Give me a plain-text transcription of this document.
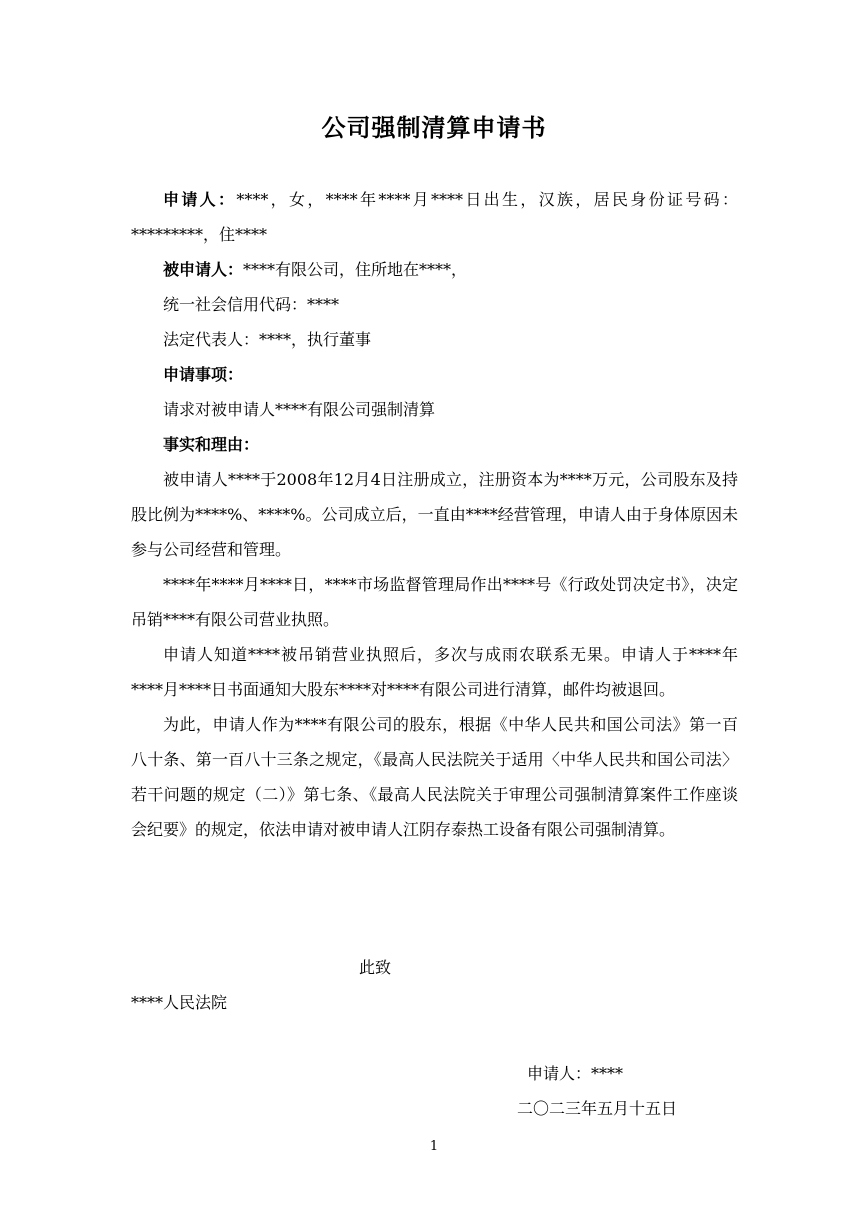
公司强制清算申请书

申请人：****，女，****年****月****日出生，汉族，居民身份证号码：*********，住****

被申请人：****有限公司，住所地在****，

统一社会信用代码：****

法定代表人：****，执行董事

申请事项：

请求对被申请人****有限公司强制清算

事实和理由：

被申请人****于2008年12月4日注册成立，注册资本为****万元，公司股东及持股比例为****%、****%。公司成立后，一直由****经营管理，申请人由于身体原因未参与公司经营和管理。

****年****月****日，****市场监督管理局作出****号《行政处罚决定书》，决定吊销****有限公司营业执照。

申请人知道****被吊销营业执照后，多次与成雨农联系无果。申请人于****年****月****日书面通知大股东****对****有限公司进行清算，邮件均被退回。

为此，申请人作为****有限公司的股东，根据《中华人民共和国公司法》第一百八十条、第一百八十三条之规定，《最高人民法院关于适用〈中华人民共和国公司法〉若干问题的规定（二）》第七条、《最高人民法院关于审理公司强制清算案件工作座谈会纪要》的规定，依法申请对被申请人江阴存泰热工设备有限公司强制清算。

此致
****人民法院
申请人：****
二〇二三年五月十五日
1
